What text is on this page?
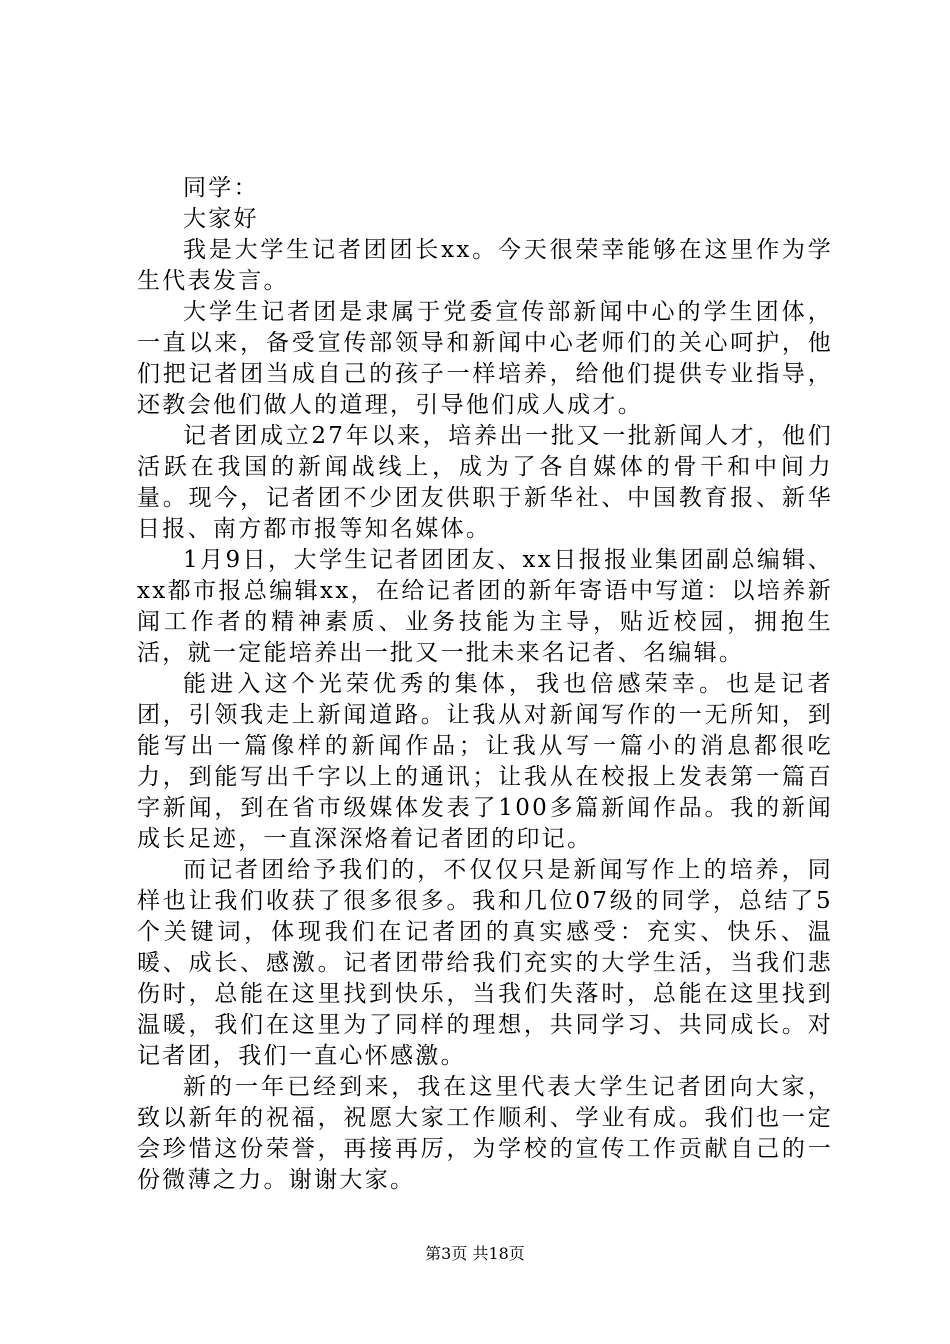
同学：

大家好

我是大学生记者团团长xx。今天很荣幸能够在这里作为学生代表发言。

大学生记者团是隶属于党委宣传部新闻中心的学生团体，一直以来，备受宣传部领导和新闻中心老师们的关心呵护，他们把记者团当成自己的孩子一样培养，给他们提供专业指导，还教会他们做人的道理，引导他们成人成才。

记者团成立27年以来，培养出一批又一批新闻人才，他们活跃在我国的新闻战线上，成为了各自媒体的骨干和中间力量。现今，记者团不少团友供职于新华社、中国教育报、新华日报、南方都市报等知名媒体。

1月9日，大学生记者团团友、xx日报报业集团副总编辑、xx都市报总编辑xx，在给记者团的新年寄语中写道：以培养新闻工作者的精神素质、业务技能为主导，贴近校园，拥抱生活，就一定能培养出一批又一批未来名记者、名编辑。

能进入这个光荣优秀的集体，我也倍感荣幸。也是记者团，引领我走上新闻道路。让我从对新闻写作的一无所知，到能写出一篇像样的新闻作品；让我从写一篇小的消息都很吃力，到能写出千字以上的通讯；让我从在校报上发表第一篇百字新闻，到在省市级媒体发表了100多篇新闻作品。我的新闻成长足迹，一直深深烙着记者团的印记。

而记者团给予我们的，不仅仅只是新闻写作上的培养，同样也让我们收获了很多很多。我和几位07级的同学，总结了5个关键词，体现我们在记者团的真实感受：充实、快乐、温暖、成长、感激。记者团带给我们充实的大学生活，当我们悲伤时，总能在这里找到快乐，当我们失落时，总能在这里找到温暖，我们在这里为了同样的理想，共同学习、共同成长。对记者团，我们一直心怀感激。

新的一年已经到来，我在这里代表大学生记者团向大家，致以新年的祝福，祝愿大家工作顺利、学业有成。我们也一定会珍惜这份荣誉，再接再厉，为学校的宣传工作贡献自己的一份微薄之力。谢谢大家。

第3页 共18页
